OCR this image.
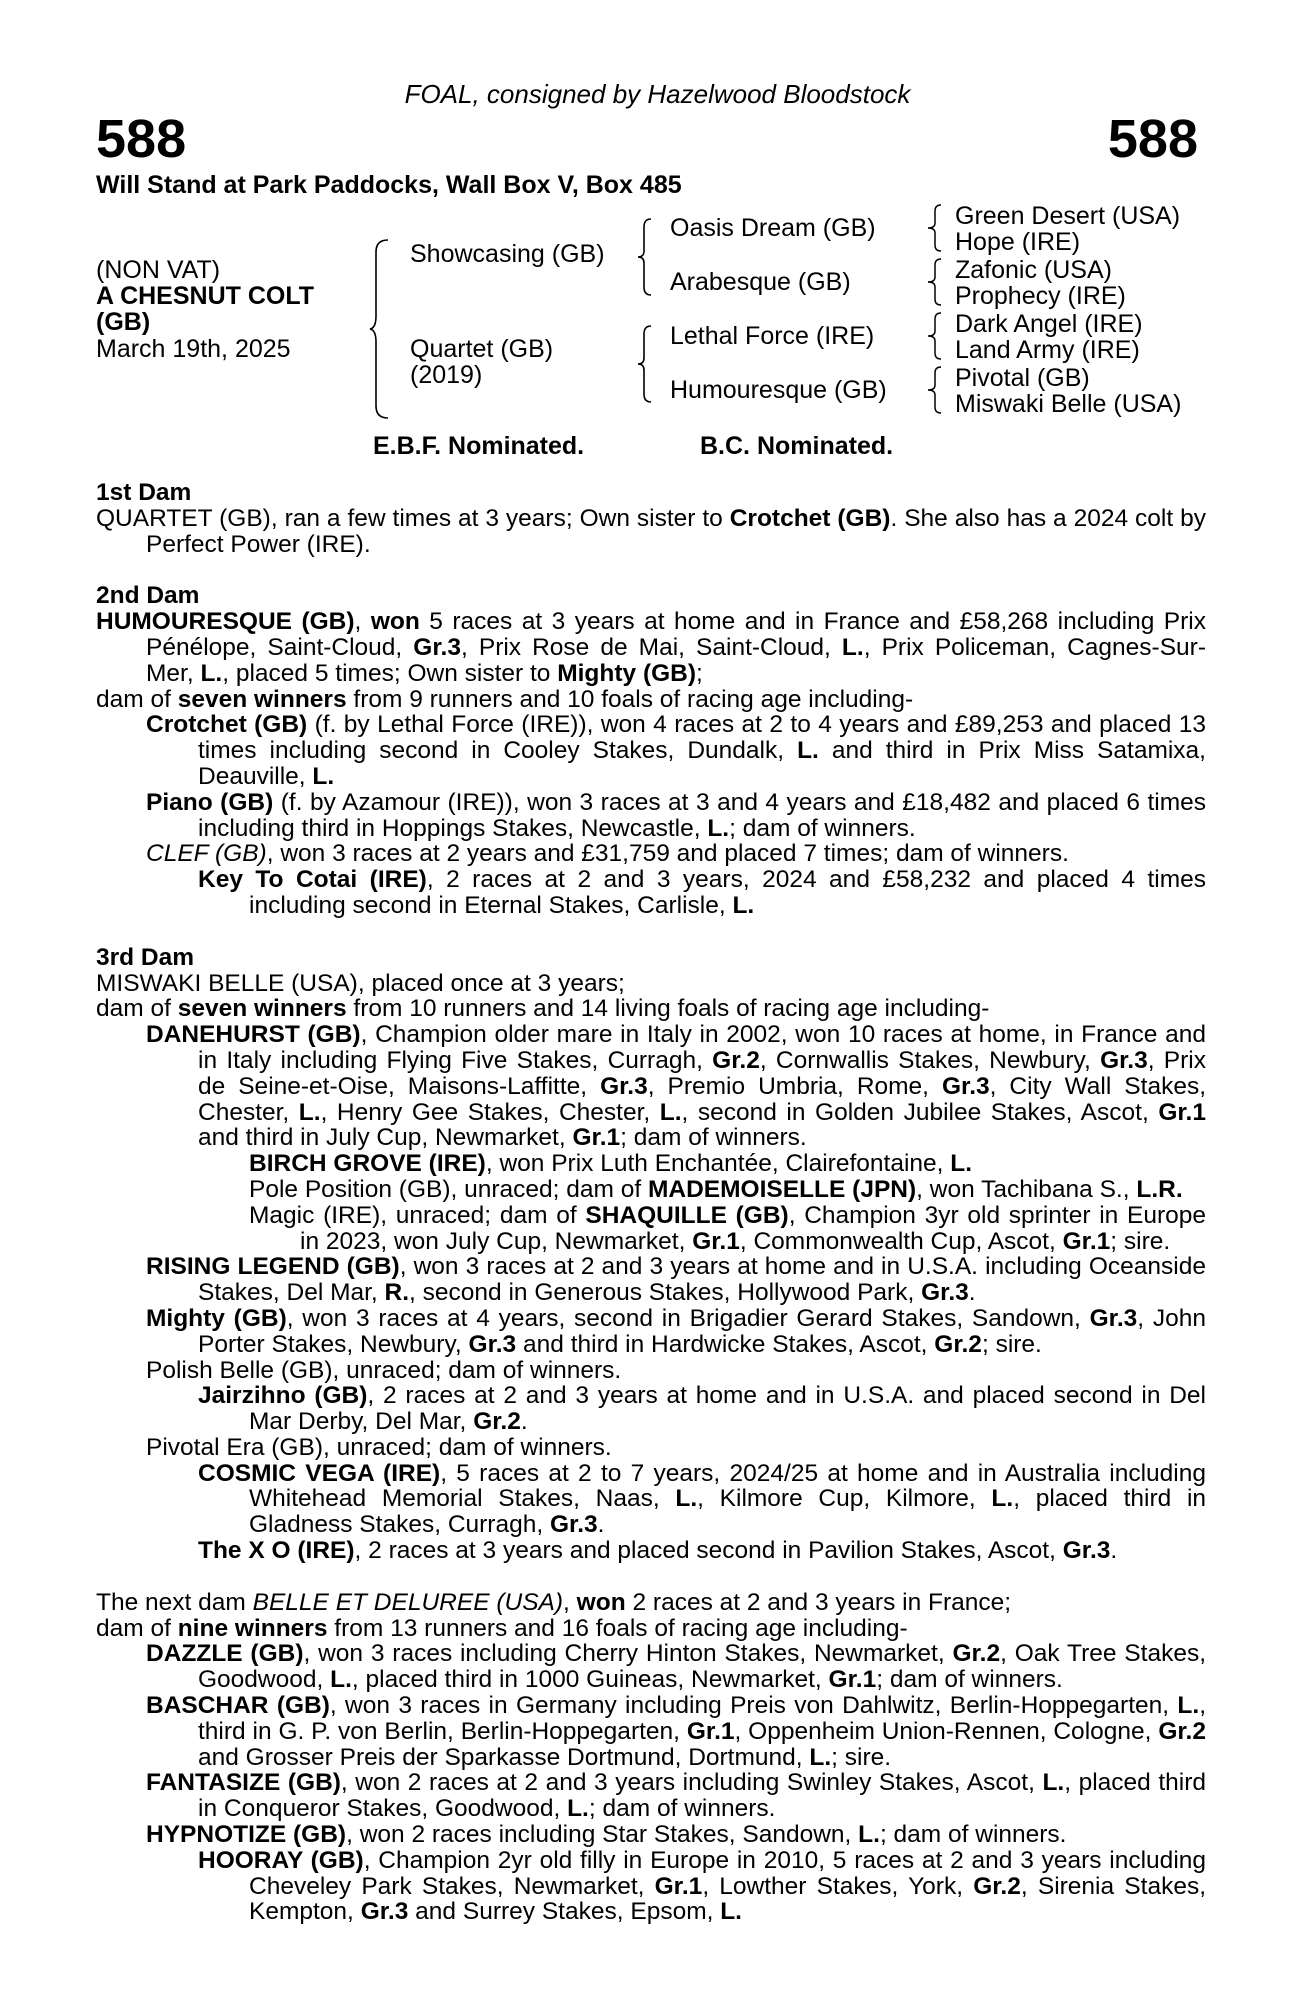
FOAL, consigned by Hazelwood Bloodstock
588	588
Will Stand at Park Paddocks, Wall Box V, Box 485
(NON VAT)
A CHESNUT COLT
(GB)
March 19th, 2025
Showcasing (GB)
Quartet (GB)
(2019)
Oasis Dream (GB)
Arabesque (GB)
Lethal Force (IRE)
Humouresque (GB)
Green Desert (USA)
Hope (IRE)
Zafonic (USA)
Prophecy (IRE)
Dark Angel (IRE)
Land Army (IRE)
Pivotal (GB)
Miswaki Belle (USA)
E.B.F. Nominated.	B.C. Nominated.
1st Dam

QUARTET (GB), ran a few times at 3 years; Own sister to Crotchet (GB). She also has a 2024 colt by Perfect Power (IRE).

2nd Dam

HUMOURESQUE (GB), won 5 races at 3 years at home and in France and £58,268 including Prix Pénélope, Saint-Cloud, Gr.3, Prix Rose de Mai, Saint-Cloud, L., Prix Policeman, Cagnes-Sur-Mer, L., placed 5 times; Own sister to Mighty (GB);

dam of seven winners from 9 runners and 10 foals of racing age including-

Crotchet (GB) (f. by Lethal Force (IRE)), won 4 races at 2 to 4 years and £89,253 and placed 13 times including second in Cooley Stakes, Dundalk, L. and third in Prix Miss Satamixa, Deauville, L.

Piano (GB) (f. by Azamour (IRE)), won 3 races at 3 and 4 years and £18,482 and placed 6 times including third in Hoppings Stakes, Newcastle, L.; dam of winners.

CLEF (GB), won 3 races at 2 years and £31,759 and placed 7 times; dam of winners.

Key To Cotai (IRE), 2 races at 2 and 3 years, 2024 and £58,232 and placed 4 times including second in Eternal Stakes, Carlisle, L.

3rd Dam

MISWAKI BELLE (USA), placed once at 3 years;

dam of seven winners from 10 runners and 14 living foals of racing age including-

DANEHURST (GB), Champion older mare in Italy in 2002, won 10 races at home, in France and in Italy including Flying Five Stakes, Curragh, Gr.2, Cornwallis Stakes, Newbury, Gr.3, Prix de Seine-et-Oise, Maisons-Laffitte, Gr.3, Premio Umbria, Rome, Gr.3, City Wall Stakes, Chester, L., Henry Gee Stakes, Chester, L., second in Golden Jubilee Stakes, Ascot, Gr.1 and third in July Cup, Newmarket, Gr.1; dam of winners.

BIRCH GROVE (IRE), won Prix Luth Enchantée, Clairefontaine, L.

Pole Position (GB), unraced; dam of MADEMOISELLE (JPN), won Tachibana S., L.R.

Magic (IRE), unraced; dam of SHAQUILLE (GB), Champion 3yr old sprinter in Europe in 2023, won July Cup, Newmarket, Gr.1, Commonwealth Cup, Ascot, Gr.1; sire.

RISING LEGEND (GB), won 3 races at 2 and 3 years at home and in U.S.A. including Oceanside Stakes, Del Mar, R., second in Generous Stakes, Hollywood Park, Gr.3.

Mighty (GB), won 3 races at 4 years, second in Brigadier Gerard Stakes, Sandown, Gr.3, John Porter Stakes, Newbury, Gr.3 and third in Hardwicke Stakes, Ascot, Gr.2; sire.

Polish Belle (GB), unraced; dam of winners.

Jairzihno (GB), 2 races at 2 and 3 years at home and in U.S.A. and placed second in Del Mar Derby, Del Mar, Gr.2.

Pivotal Era (GB), unraced; dam of winners.

COSMIC VEGA (IRE), 5 races at 2 to 7 years, 2024/25 at home and in Australia including Whitehead Memorial Stakes, Naas, L., Kilmore Cup, Kilmore, L., placed third in Gladness Stakes, Curragh, Gr.3.

The X O (IRE), 2 races at 3 years and placed second in Pavilion Stakes, Ascot, Gr.3.

The next dam BELLE ET DELUREE (USA), won 2 races at 2 and 3 years in France;

dam of nine winners from 13 runners and 16 foals of racing age including-

DAZZLE (GB), won 3 races including Cherry Hinton Stakes, Newmarket, Gr.2, Oak Tree Stakes, Goodwood, L., placed third in 1000 Guineas, Newmarket, Gr.1; dam of winners.

BASCHAR (GB), won 3 races in Germany including Preis von Dahlwitz, Berlin-Hoppegarten, L., third in G. P. von Berlin, Berlin-Hoppegarten, Gr.1, Oppenheim Union-Rennen, Cologne, Gr.2 and Grosser Preis der Sparkasse Dortmund, Dortmund, L.; sire.

FANTASIZE (GB), won 2 races at 2 and 3 years including Swinley Stakes, Ascot, L., placed third in Conqueror Stakes, Goodwood, L.; dam of winners.

HYPNOTIZE (GB), won 2 races including Star Stakes, Sandown, L.; dam of winners.

HOORAY (GB), Champion 2yr old filly in Europe in 2010, 5 races at 2 and 3 years including Cheveley Park Stakes, Newmarket, Gr.1, Lowther Stakes, York, Gr.2, Sirenia Stakes, Kempton, Gr.3 and Surrey Stakes, Epsom, L.
